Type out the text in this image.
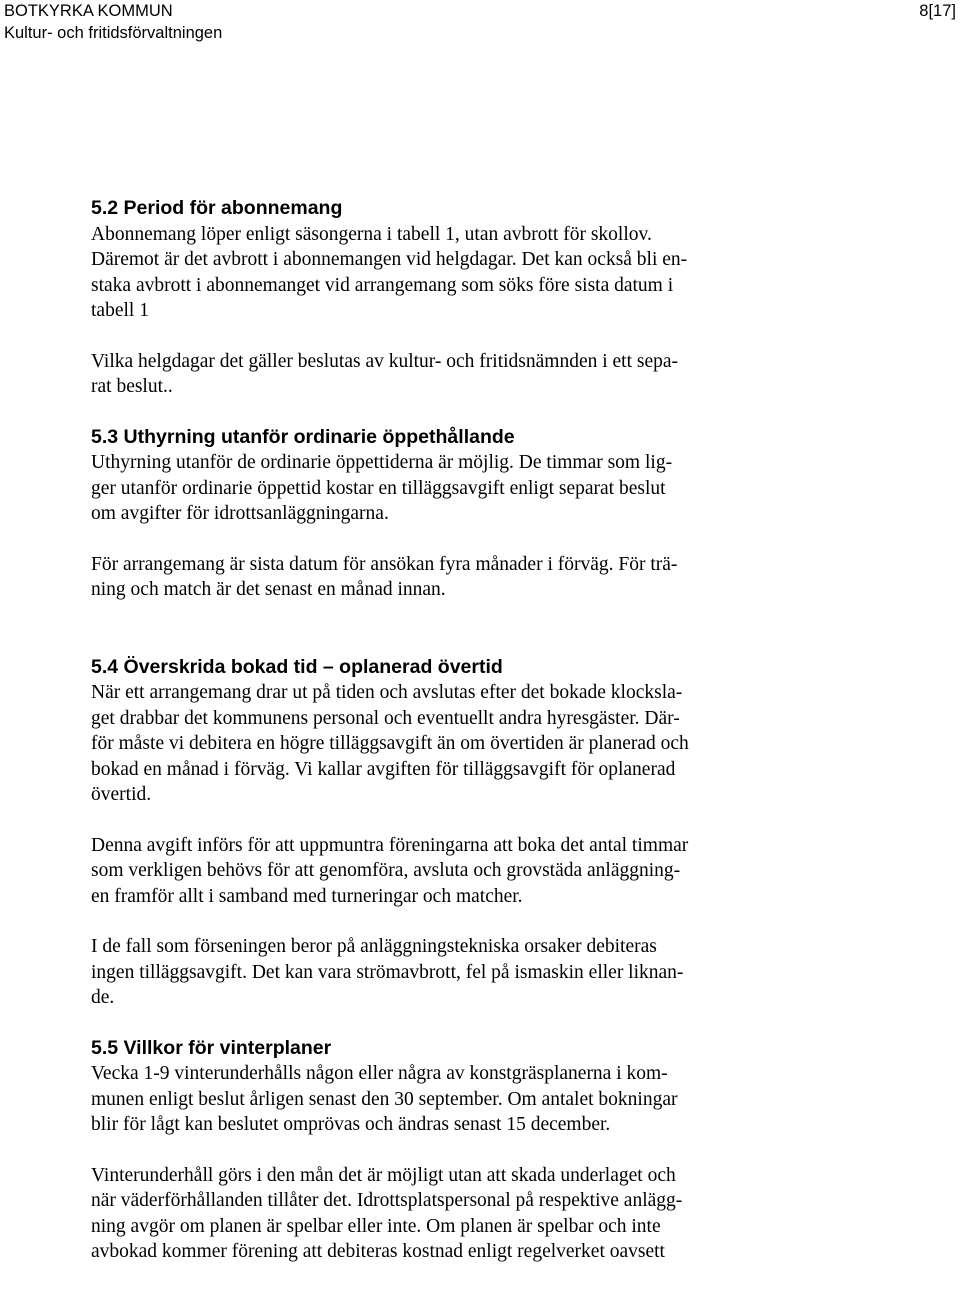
BOTKYRKA KOMMUN
Kultur- och fritidsförvaltningen
8[17]
5.2 Period för abonnemang

Abonnemang löper enligt säsongerna i tabell 1, utan avbrott för skollov.
Däremot är det avbrott i abonnemangen vid helgdagar. Det kan också bli en-
staka avbrott i abonnemanget vid arrangemang som söks före sista datum i
tabell 1

Vilka helgdagar det gäller beslutas av kultur- och fritidsnämnden i ett sepa-
rat beslut..

5.3 Uthyrning utanför ordinarie öppethållande

Uthyrning utanför de ordinarie öppettiderna är möjlig. De timmar som lig-
ger utanför ordinarie öppettid kostar en tilläggsavgift enligt separat beslut
om avgifter för idrottsanläggningarna.

För arrangemang är sista datum för ansökan fyra månader i förväg. För trä-
ning och match är det senast en månad innan.

5.4 Överskrida bokad tid – oplanerad övertid

När ett arrangemang drar ut på tiden och avslutas efter det bokade klocksla-
get drabbar det kommunens personal och eventuellt andra hyresgäster. Där-
för måste vi debitera en högre tilläggsavgift än om övertiden är planerad och
bokad en månad i förväg. Vi kallar avgiften för tilläggsavgift för oplanerad
övertid.

Denna avgift införs för att uppmuntra föreningarna att boka det antal timmar
som verkligen behövs för att genomföra, avsluta och grovstäda anläggning-
en framför allt i samband med turneringar och matcher.

I de fall som förseningen beror på anläggningstekniska orsaker debiteras
ingen tilläggsavgift. Det kan vara strömavbrott, fel på ismaskin eller liknan-
de.

5.5 Villkor för vinterplaner

Vecka 1-9 vinterunderhålls någon eller några av konstgräsplanerna i kom-
munen enligt beslut årligen senast den 30 september. Om antalet bokningar
blir för lågt kan beslutet omprövas och ändras senast 15 december.

Vinterunderhåll görs i den mån det är möjligt utan att skada underlaget och
när väderförhållanden tillåter det. Idrottsplatspersonal på respektive anlägg-
ning avgör om planen är spelbar eller inte. Om planen är spelbar och inte
avbokad kommer förening att debiteras kostnad enligt regelverket oavsett
